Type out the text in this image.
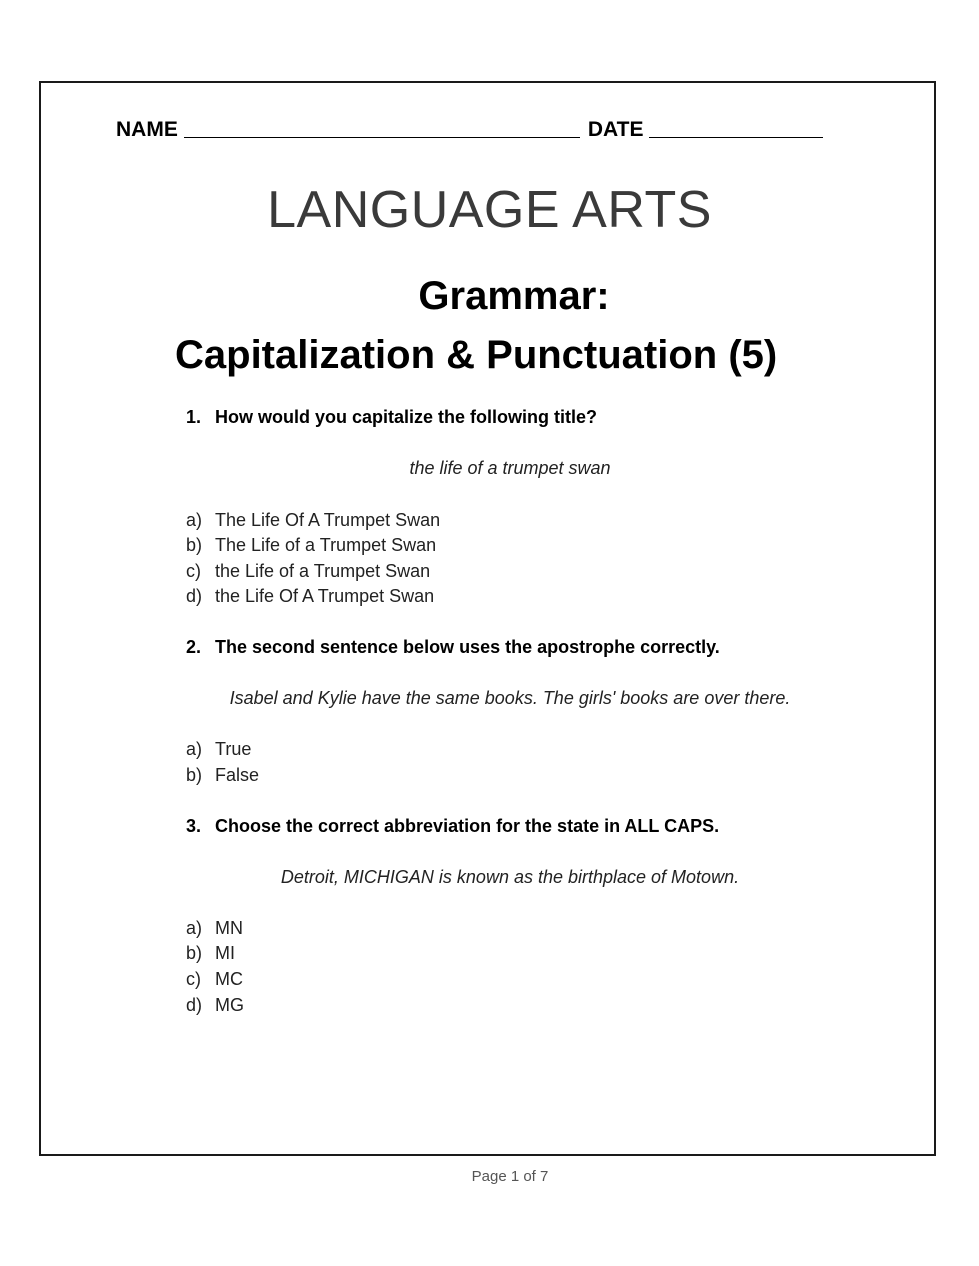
NAME	DATE
LANGUAGE ARTS
Grammar:
Capitalization & Punctuation (5)
1. How would you capitalize the following title?
the life of a trumpet swan
a) The Life Of A Trumpet Swan
b) The Life of a Trumpet Swan
c) the Life of a Trumpet Swan
d) the Life Of A Trumpet Swan
2. The second sentence below uses the apostrophe correctly.
Isabel and Kylie have the same books. The girls' books are over there.
a) True
b) False
3. Choose the correct abbreviation for the state in ALL CAPS.
Detroit, MICHIGAN is known as the birthplace of Motown.
a) MN
b) MI
c) MC
d) MG
Page 1 of 7
